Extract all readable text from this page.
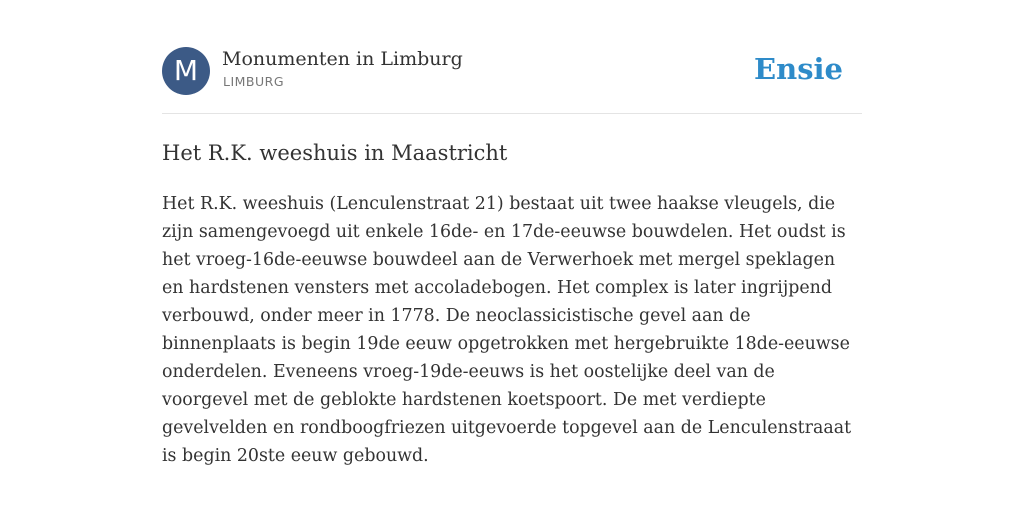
M	Monumenten in Limburg
LIMBURG	Ensie
Het R.K. weeshuis in Maastricht

Het R.K. weeshuis (Lenculenstraat 21) bestaat uit twee haakse vleugels, die zijn samengevoegd uit enkele 16de- en 17de-eeuwse bouwdelen. Het oudst is het vroeg-16de-eeuwse bouwdeel aan de Verwerhoek met mergel speklagen en hardstenen vensters met accoladebogen. Het complex is later ingrijpend verbouwd, onder meer in 1778. De neoclassicistische gevel aan de binnenplaats is begin 19de eeuw opgetrokken met hergebruikte 18de-eeuwse onderdelen. Eveneens vroeg-19de-eeuws is het oostelijke deel van de voorgevel met de geblokte hardstenen koetspoort. De met verdiepte gevelvelden en rondboogfriezen uitgevoerde topgevel aan de Lenculenstraaat is begin 20ste eeuw gebouwd.
